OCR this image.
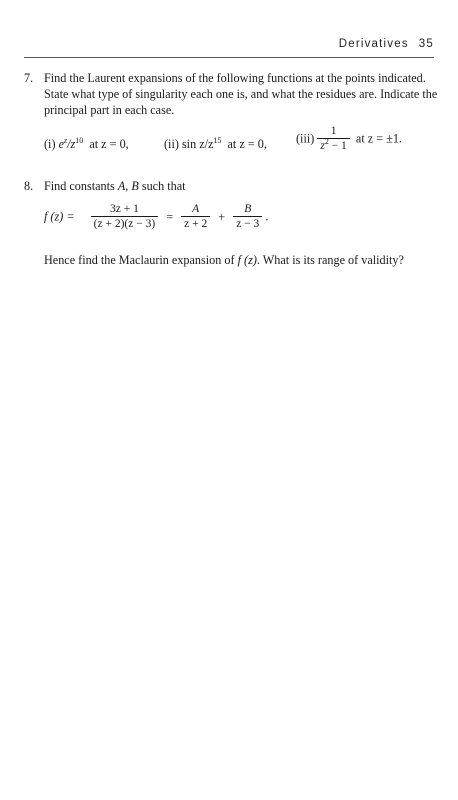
Derivatives 35
7. Find the Laurent expansions of the following functions at the points indicated. State what type of singularity each one is, and what the residues are. Indicate the principal part in each case.
(i) $e^z/z^{10}$ at z = 0,	(ii) $\sin z/z^{15}$ at z = 0, $(iii) \frac{1}{z^2 - 1}$ at z = ±1.
8. Find constants A, B such that
f $(z) = \frac{3z + 1}{(z + 2)(z - 3)} = \frac{A}{z + 2} + \frac{B}{z - 3}$ .
Hence find the Maclaurin expansion of f (z). What is its range of validity?
